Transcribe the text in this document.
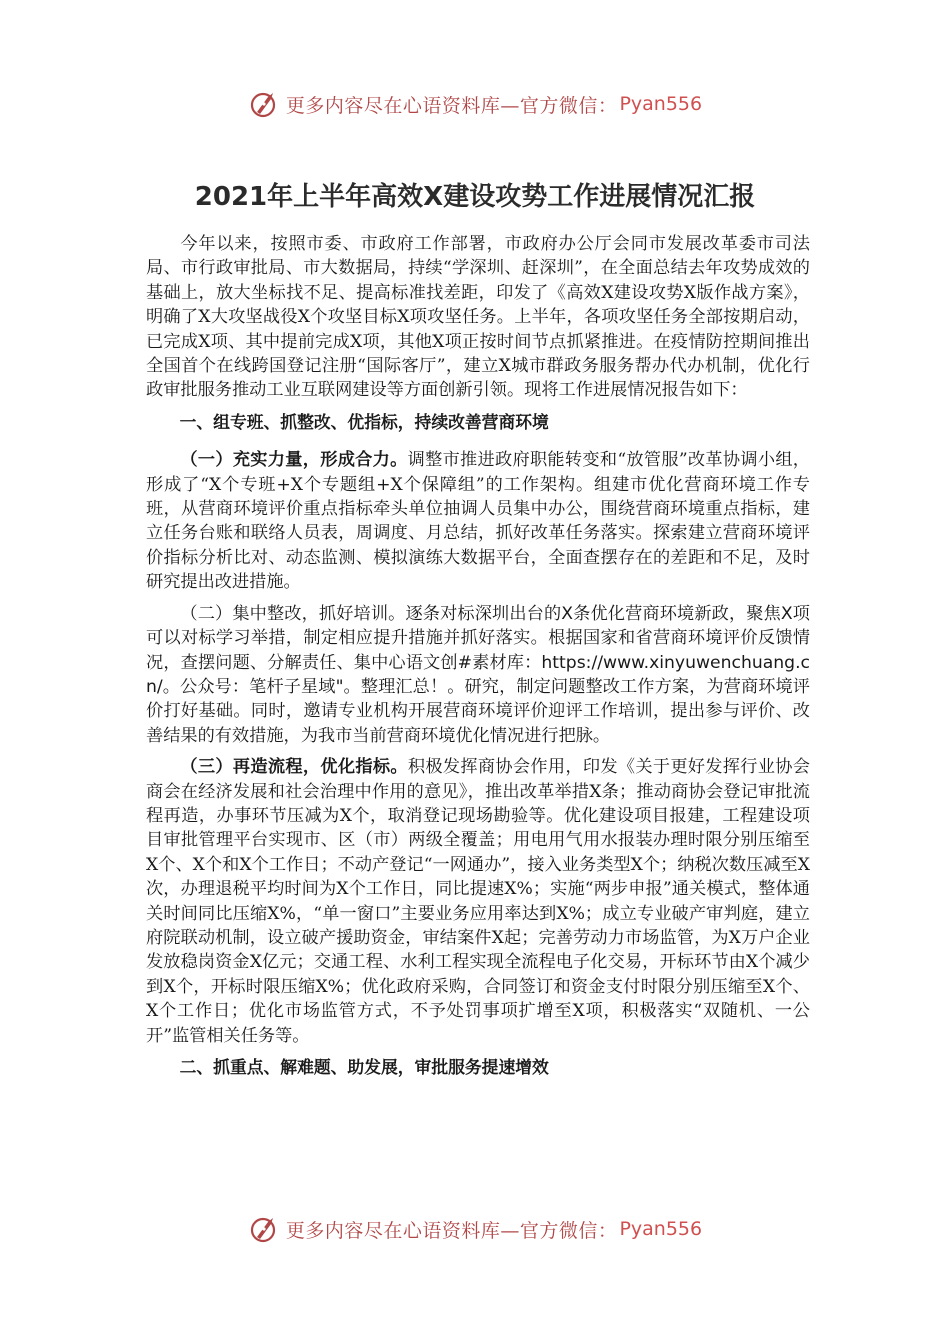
更多内容尽在心语资料库—官方微信： Pyan556
2021年上半年高效X建设攻势工作进展情况汇报

今年以来，按照市委、市政府工作部署，市政府办公厅会同市发展改革委市司法局、市行政审批局、市大数据局，持续“学深圳、赶深圳”，在全面总结去年攻势成效的基础上，放大坐标找不足、提高标准找差距，印发了《高效X建设攻势X版作战方案》，明确了X大攻坚战役X个攻坚目标X项攻坚任务。上半年，各项攻坚任务全部按期启动，已完成X项、其中提前完成X项，其他X项正按时间节点抓紧推进。在疫情防控期间推出全国首个在线跨国登记注册“国际客厅”，建立X城市群政务服务帮办代办机制，优化行政审批服务推动工业互联网建设等方面创新引领。现将工作进展情况报告如下：

一、组专班、抓整改、优指标，持续改善营商环境

（一）充实力量，形成合力。调整市推进政府职能转变和“放管服”改革协调小组，形成了“X个专班+X个专题组+X个保障组”的工作架构。组建市优化营商环境工作专班，从营商环境评价重点指标牵头单位抽调人员集中办公，围绕营商环境重点指标，建立任务台账和联络人员表，周调度、月总结，抓好改革任务落实。探索建立营商环境评价指标分析比对、动态监测、模拟演练大数据平台，全面查摆存在的差距和不足，及时研究提出改进措施。

（二）集中整改，抓好培训。逐条对标深圳出台的X条优化营商环境新政，聚焦X项可以对标学习举措，制定相应提升措施并抓好落实。根据国家和省营商环境评价反馈情况，查摆问题、分解责任、集中心语文创#素材库：https://www.xinyuwenchuang.cn/。公众号：笔杆子星域"。整理汇总！。研究，制定问题整改工作方案，为营商环境评价打好基础。同时，邀请专业机构开展营商环境评价迎评工作培训，提出参与评价、改善结果的有效措施，为我市当前营商环境优化情况进行把脉。

（三）再造流程，优化指标。积极发挥商协会作用，印发《关于更好发挥行业协会商会在经济发展和社会治理中作用的意见》，推出改革举措X条；推动商协会登记审批流程再造，办事环节压减为X个，取消登记现场勘验等。优化建设项目报建，工程建设项目审批管理平台实现市、区（市）两级全覆盖；用电用气用水报装办理时限分别压缩至X个、X个和X个工作日；不动产登记“一网通办”，接入业务类型X个；纳税次数压减至X次，办理退税平均时间为X个工作日，同比提速X%；实施“两步申报”通关模式，整体通关时间同比压缩X%，“单一窗口”主要业务应用率达到X%；成立专业破产审判庭，建立府院联动机制，设立破产援助资金，审结案件X起；完善劳动力市场监管，为X万户企业发放稳岗资金X亿元；交通工程、水利工程实现全流程电子化交易，开标环节由X个减少到X个，开标时限压缩X%；优化政府采购，合同签订和资金支付时限分别压缩至X个、X个工作日；优化市场监管方式，不予处罚事项扩增至X项，积极落实“双随机、一公开”监管相关任务等。

二、抓重点、解难题、助发展，审批服务提速增效

更多内容尽在心语资料库—官方微信： Pyan556
